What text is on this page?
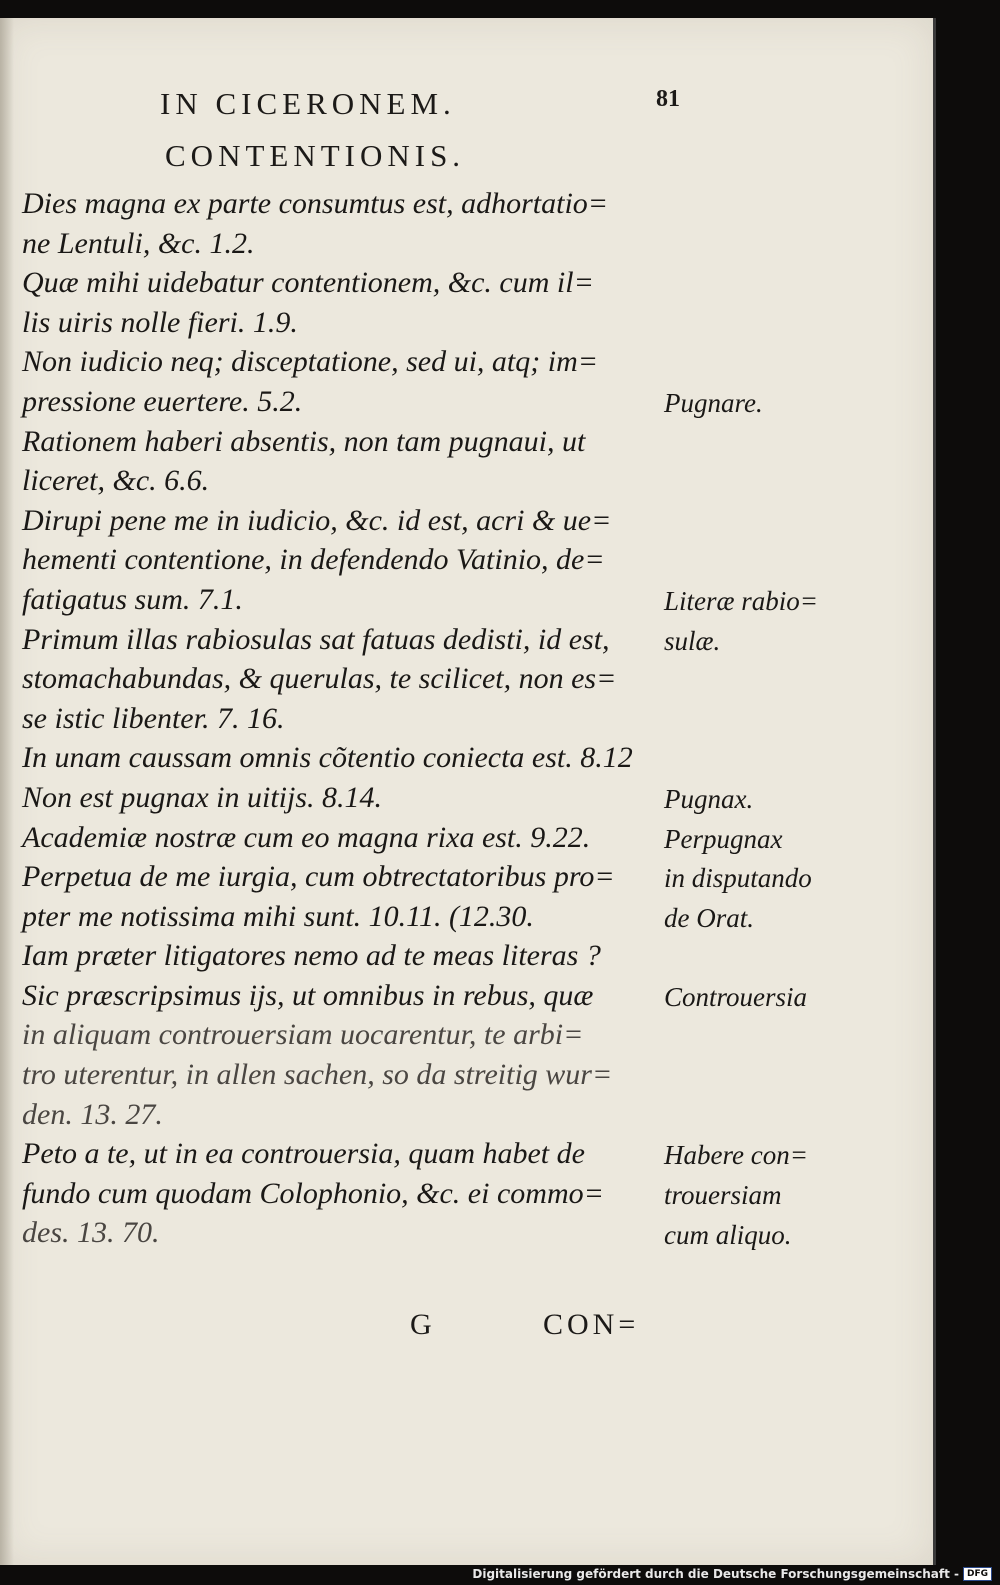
IN CICERONEM.	81
CONTENTIONIS.
Dies magna ex parte consumtus est, adhortatio=
ne Lentuli, &c. 1.2.
Quæ mihi uidebatur contentionem, &c. cum il=
lis uiris nolle fieri. 1.9.
Non iudicio neq; disceptatione, sed ui, atq; im=
pressione euertere. 5.2.
Rationem haberi absentis, non tam pugnaui, ut
liceret, &c. 6.6.
Dirupi pene me in iudicio, &c. id est, acri & ue=
hementi contentione, in defendendo Vatinio, de=
fatigatus sum. 7.1.
Primum illas rabiosulas sat fatuas dedisti, id est,
stomachabundas, & querulas, te scilicet, non es=
se istic libenter. 7. 16.
In unam caussam omnis cõtentio coniecta est. 8.12
Non est pugnax in uitijs. 8.14.
Academiæ nostræ cum eo magna rixa est. 9.22.
Perpetua de me iurgia, cum obtrectatoribus pro=
pter me notissima mihi sunt. 10.11. (12.30.
Iam præter litigatores nemo ad te meas literas ?
Sic præscripsimus ijs, ut omnibus in rebus, quæ
in aliquam controuersiam uocarentur, te arbi=
tro uterentur, in allen sachen, so da streitig wur=
den. 13. 27.
Peto a te, ut in ea controuersia, quam habet de
fundo cum quodam Colophonio, &c. ei commo=
des. 13. 70.
Pugnare.
Literæ rabio=
sulæ.
Pugnax.
Perpugnax
in disputando
de Orat.
Controuersia
Habere con=
trouersiam
cum aliquo.
G	CON=
Digitalisierung gefördert durch die Deutsche Forschungsgemeinschaft - DFG
